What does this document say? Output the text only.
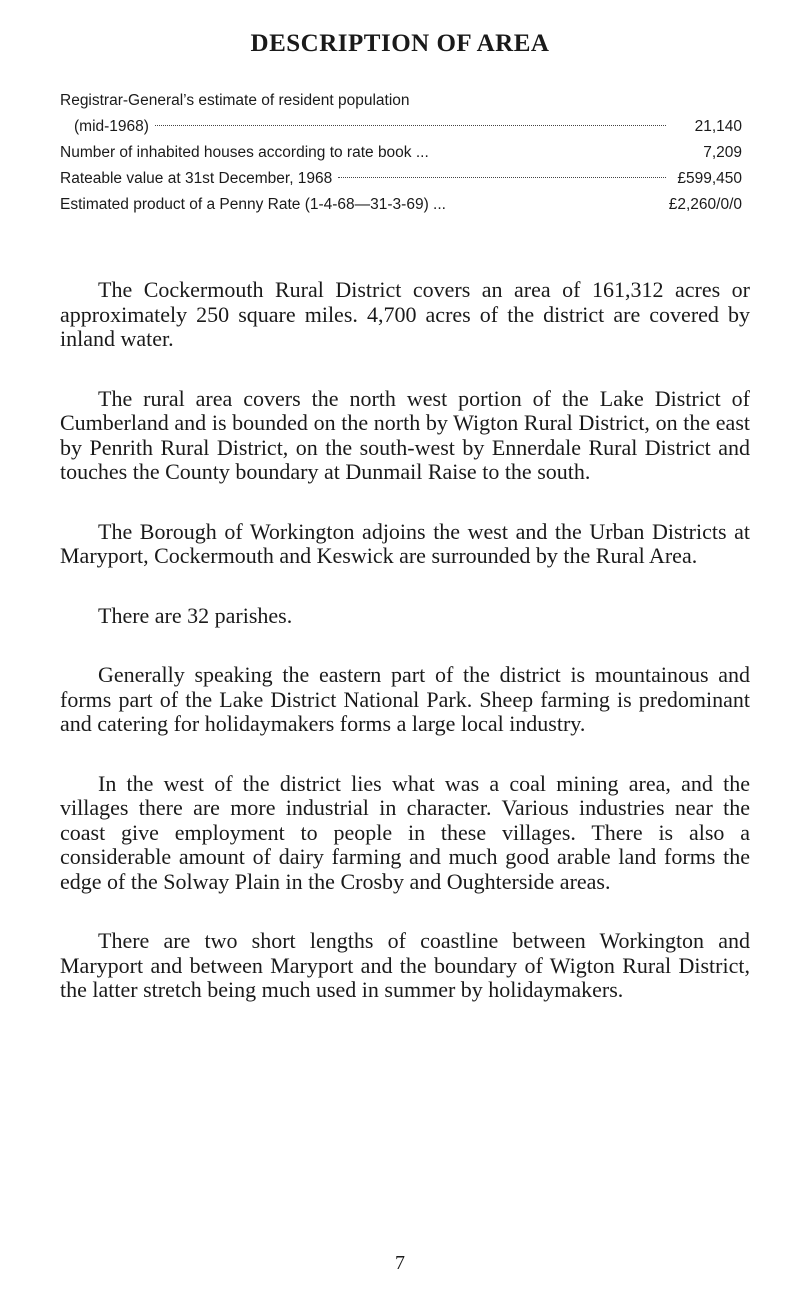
DESCRIPTION OF AREA
Registrar-General’s estimate of resident population
(mid-1968)	21,140
Number of inhabited houses according to rate book ...	7,209
Rateable value at 31st December, 1968	£599,450
Estimated product of a Penny Rate (1-4-68—31-3-69) ...	£2,260/0/0

The Cockermouth Rural District covers an area of 161,312 acres or approximately 250 square miles. 4,700 acres of the district are covered by inland water.

The rural area covers the north west portion of the Lake District of Cumberland and is bounded on the north by Wigton Rural District, on the east by Penrith Rural District, on the south-west by Ennerdale Rural District and touches the County boundary at Dunmail Raise to the south.

The Borough of Workington adjoins the west and the Urban Districts at Maryport, Cockermouth and Keswick are surrounded by the Rural Area.

There are 32 parishes.

Generally speaking the eastern part of the district is mountainous and forms part of the Lake District National Park. Sheep farming is predominant and catering for holidaymakers forms a large local industry.

In the west of the district lies what was a coal mining area, and the villages there are more industrial in character. Various industries near the coast give employment to people in these villages. There is also a considerable amount of dairy farming and much good arable land forms the edge of the Solway Plain in the Crosby and Oughterside areas.

There are two short lengths of coastline between Workington and Maryport and between Maryport and the boundary of Wigton Rural District, the latter stretch being much used in summer by holidaymakers.

7
